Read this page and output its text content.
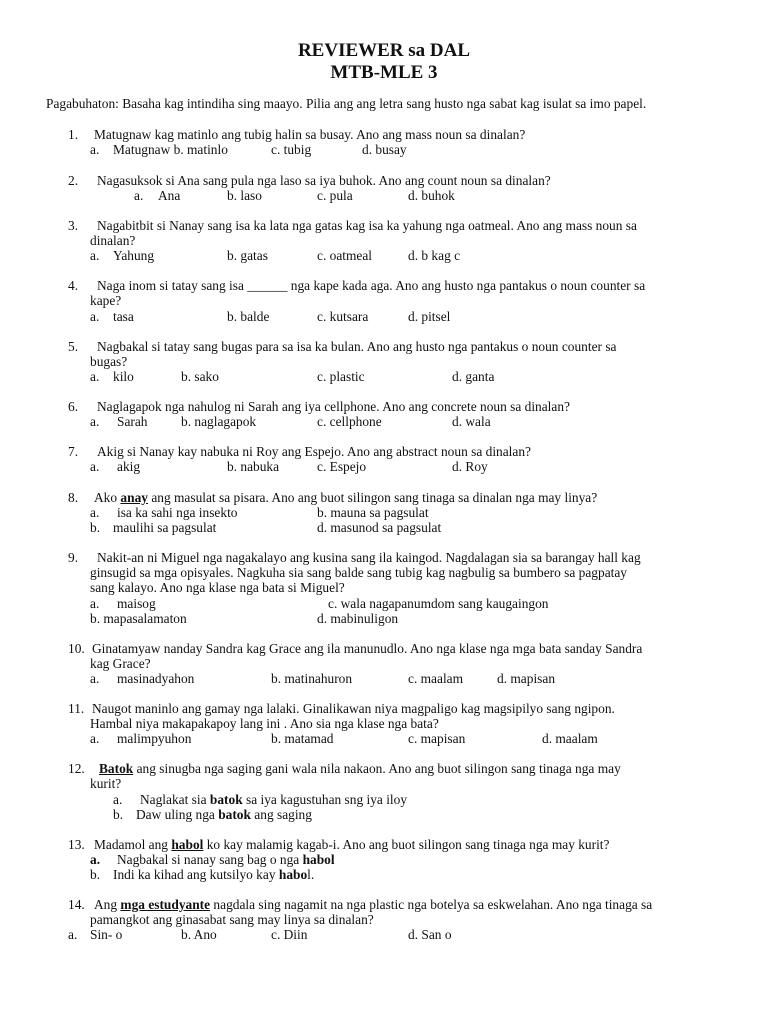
REVIEWER sa DAL
MTB-MLE 3
Pagabuhaton: Basaha kag intindiha sing maayo. Pilia ang ang letra sang husto nga sabat kag isulat sa imo papel.
1. Matugnaw kag matinlo ang tubig halin sa busay. Ano ang mass noun sa dinalan?
a. Matugnaw b. matinlo	c. tubig	d. busay
2. Nagasuksok si Ana sang pula nga laso sa iya buhok. Ano ang count noun sa dinalan?
a. Ana	b. laso	c. pula	d. buhok
3. Nagabitbit si Nanay sang isa ka lata nga gatas kag isa ka yahung nga oatmeal. Ano ang mass noun sa
dinalan?
a. Yahung	b. gatas	c. oatmeal	d. b kag c
4. Naga inom si tatay sang isa ______ nga kape kada aga. Ano ang husto nga pantakus o noun counter sa
kape?
a. tasa	b. balde	c. kutsara	d. pitsel
5. Nagbakal si tatay sang bugas para sa isa ka bulan. Ano ang husto nga pantakus o noun counter sa
bugas?
a. kilo	b. sako	c. plastic	d. ganta
6. Naglagapok nga nahulog ni Sarah ang iya cellphone. Ano ang concrete noun sa dinalan?
a. Sarah	b. naglagapok	c. cellphone	d. wala
7. Akig si Nanay kay nabuka ni Roy ang Espejo. Ano ang abstract noun sa dinalan?
a. akig	b. nabuka	c. Espejo	d. Roy
8. Ako anay ang masulat sa pisara. Ano ang buot silingon sang tinaga sa dinalan nga may linya?
a. isa ka sahi nga insekto	b. mauna sa pagsulat
b. maulihi sa pagsulat	d. masunod sa pagsulat
9. Nakit-an ni Miguel nga nagakalayo ang kusina sang ila kaingod. Nagdalagan sia sa barangay hall kag
ginsugid sa mga opisyales. Nagkuha sia sang balde sang tubig kag nagbulig sa bumbero sa pagpatay
sang kalayo. Ano nga klase nga bata si Miguel?
a. maisog	c. wala nagapanumdom sang kaugaingon
b. mapasalamaton	d. mabinuligon
10. Ginatamyaw nanday Sandra kag Grace ang ila manunudlo. Ano nga klase nga mga bata sanday Sandra
kag Grace?
a. masinadyahon	b. matinahuron	c. maalam	d. mapisan
11. Naugot maninlo ang gamay nga lalaki. Ginalikawan niya magpaligo kag magsipilyo sang ngipon.
Hambal niya makapakapoy lang ini . Ano sia nga klase nga bata?
a. malimpyuhon	b. matamad	c. mapisan	d. maalam
12. Batok ang sinugba nga saging gani wala nila nakaon. Ano ang buot silingon sang tinaga nga may
kurit?
a. Naglakat sia batok sa iya kagustuhan sng iya iloy
b. Daw uling nga batok ang saging
13. Madamol ang habol ko kay malamig kagab-i. Ano ang buot silingon sang tinaga nga may kurit?
a. Nagbakal si nanay sang bag o nga habol
b. Indi ka kihad ang kutsilyo kay habol.
14. Ang mga estudyante nagdala sing nagamit na nga plastic nga botelya sa eskwelahan. Ano nga tinaga sa
pamangkot ang ginasabat sang may linya sa dinalan?
a. Sin- o	b. Ano	c. Diin	d. San o
